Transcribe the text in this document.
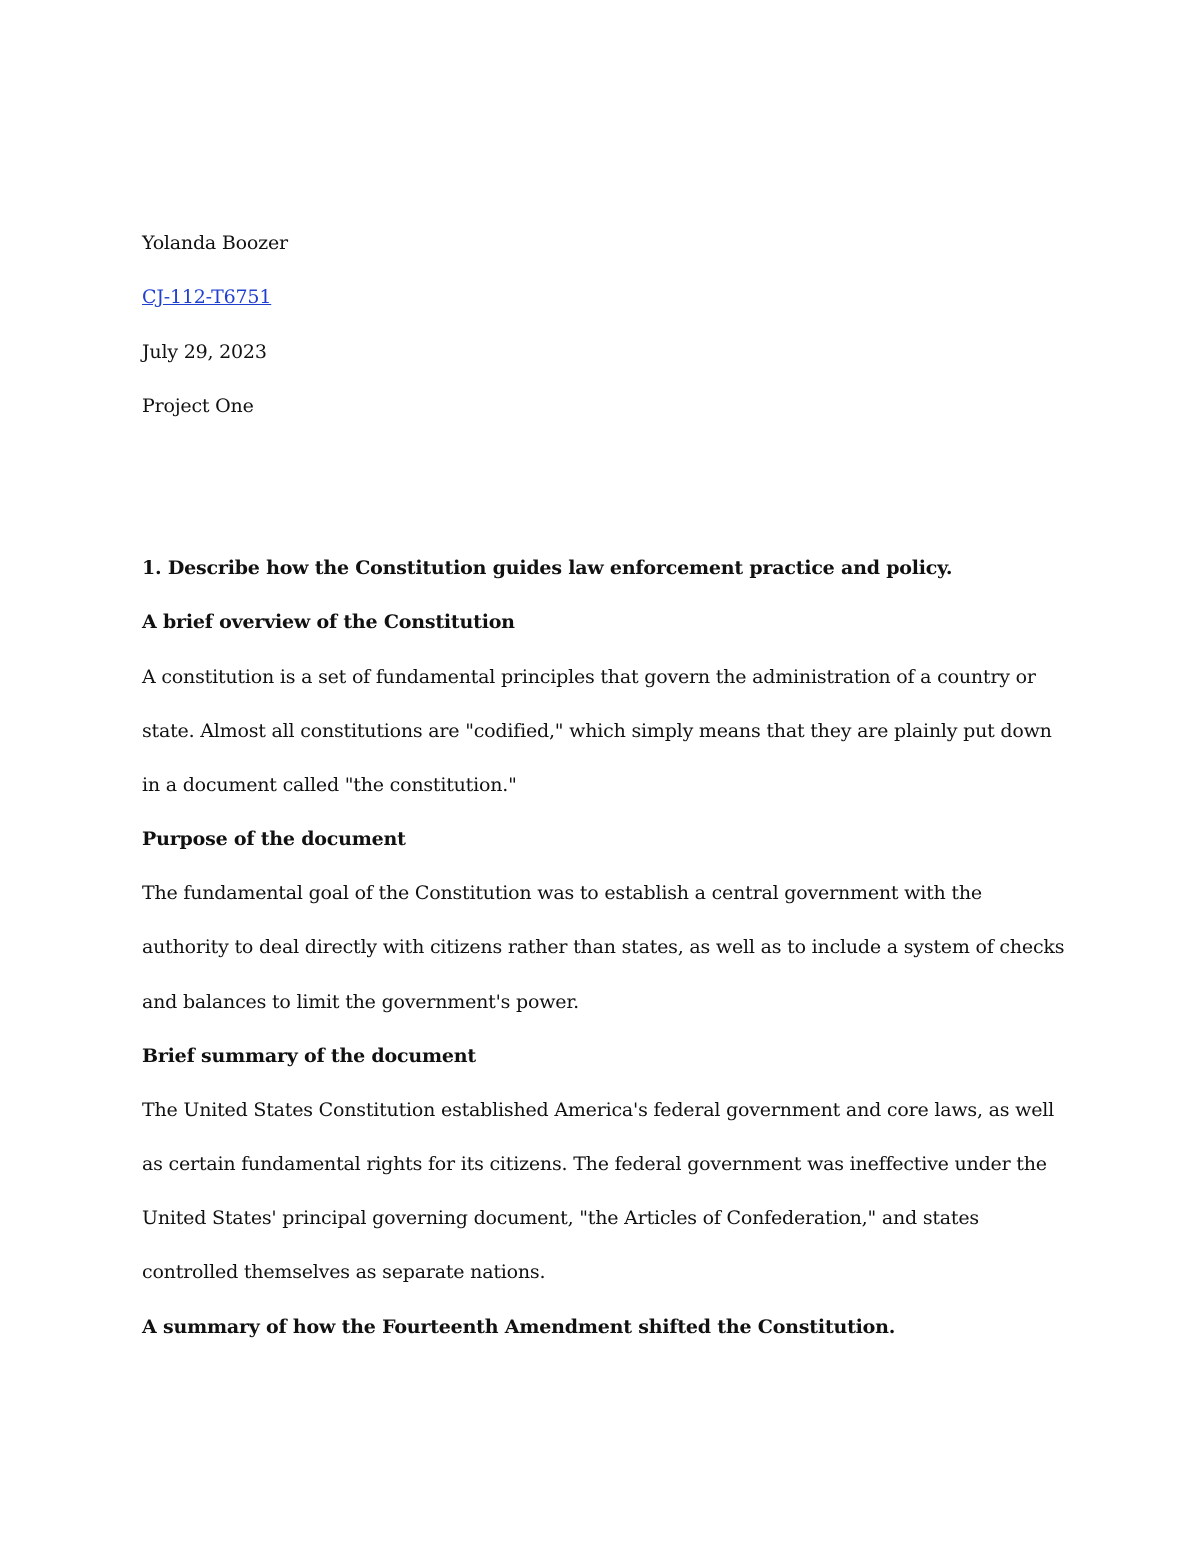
Yolanda Boozer
CJ-112-T6751
July 29, 2023
Project One
1. Describe how the Constitution guides law enforcement practice and policy.
A brief overview of the Constitution
A constitution is a set of fundamental principles that govern the administration of a country or
state. Almost all constitutions are "codified," which simply means that they are plainly put down
in a document called "the constitution."
Purpose of the document
The fundamental goal of the Constitution was to establish a central government with the
authority to deal directly with citizens rather than states, as well as to include a system of checks
and balances to limit the government's power.
Brief summary of the document
The United States Constitution established America's federal government and core laws, as well
as certain fundamental rights for its citizens. The federal government was ineffective under the
United States' principal governing document, "the Articles of Confederation," and states
controlled themselves as separate nations.
A summary of how the Fourteenth Amendment shifted the Constitution.
